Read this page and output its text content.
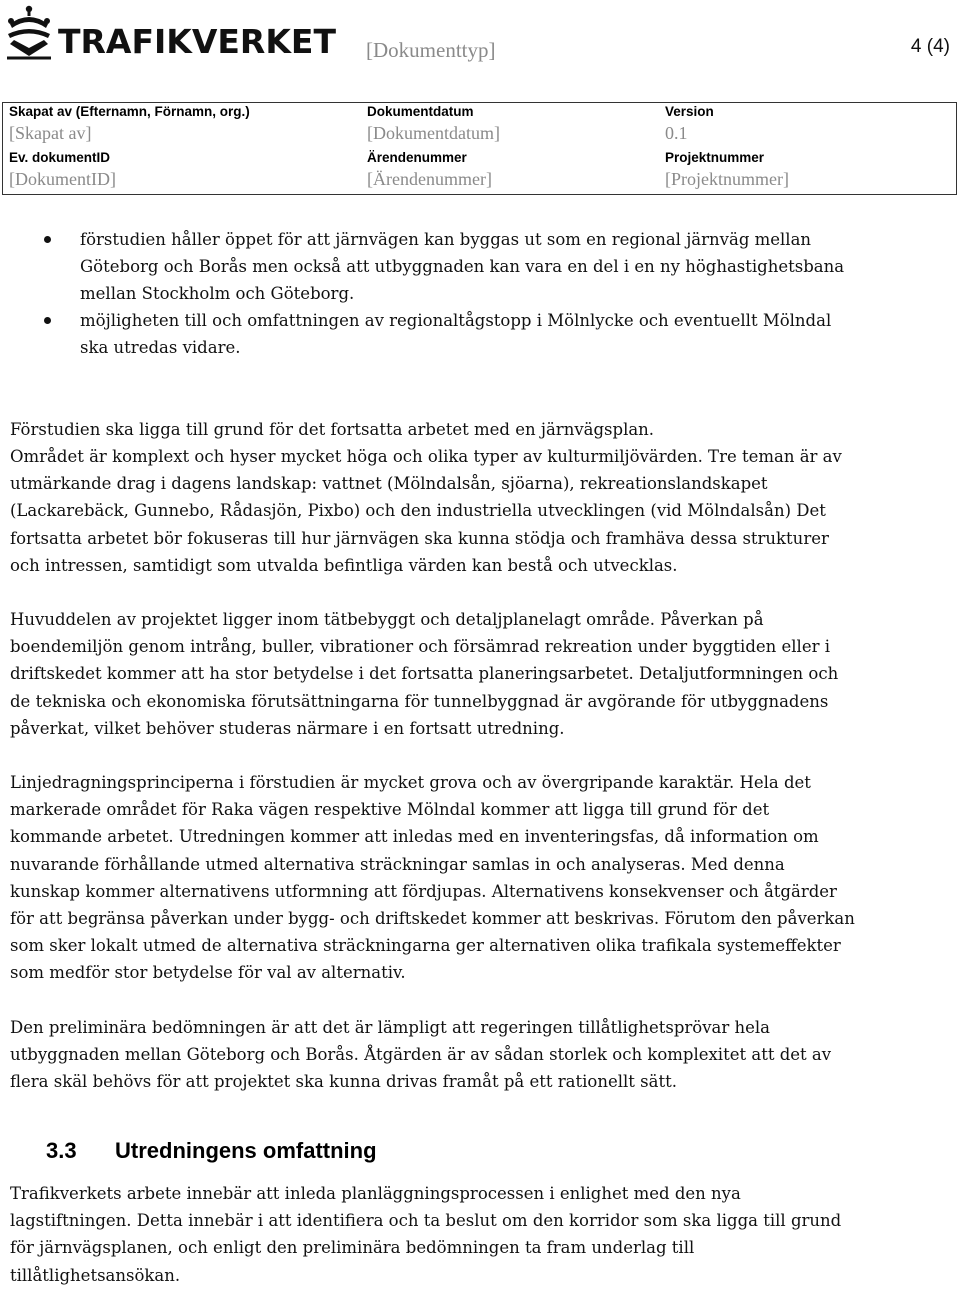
TRAFIKVERKET [Dokumenttyp]	4 (4)
Skapat av (Efternamn, Förnamn, org.)
[Skapat av]
Dokumentdatum
[Dokumentdatum]
Version
0.1
Ev. dokumentID
[DokumentID]
Ärendenummer
[Ärendenummer]
Projektnummer
[Projektnummer]
förstudien håller öppet för att järnvägen kan byggas ut som en regional järnväg mellan Göteborg och Borås men också att utbyggnaden kan vara en del i en ny höghastighetsbana mellan Stockholm och Göteborg.
möjligheten till och omfattningen av regionaltågstopp i Mölnlycke och eventuellt Mölndal ska utredas vidare.
Förstudien ska ligga till grund för det fortsatta arbetet med en järnvägsplan.
Området är komplext och hyser mycket höga och olika typer av kulturmiljövärden. Tre teman är av utmärkande drag i dagens landskap: vattnet (Mölndalsån, sjöarna), rekreationslandskapet (Lackarebäck, Gunnebo, Rådasjön, Pixbo) och den industriella utvecklingen (vid Mölndalsån) Det fortsatta arbetet bör fokuseras till hur järnvägen ska kunna stödja och framhäva dessa strukturer och intressen, samtidigt som utvalda befintliga värden kan bestå och utvecklas.
Huvuddelen av projektet ligger inom tätbebyggt och detaljplanelagt område. Påverkan på boendemiljön genom intrång, buller, vibrationer och försämrad rekreation under byggtiden eller i driftskedet kommer att ha stor betydelse i det fortsatta planeringsarbetet. Detaljutformningen och de tekniska och ekonomiska förutsättningarna för tunnelbyggnad är avgörande för utbyggnadens påverkat, vilket behöver studeras närmare i en fortsatt utredning.
Linjedragningsprinciperna i förstudien är mycket grova och av övergripande karaktär. Hela det markerade området för Raka vägen respektive Mölndal kommer att ligga till grund för det kommande arbetet. Utredningen kommer att inledas med en inventeringsfas, då information om nuvarande förhållande utmed alternativa sträckningar samlas in och analyseras. Med denna kunskap kommer alternativens utformning att fördjupas. Alternativens konsekvenser och åtgärder för att begränsa påverkan under bygg- och driftskedet kommer att beskrivas. Förutom den påverkan som sker lokalt utmed de alternativa sträckningarna ger alternativen olika trafikala systemeffekter som medför stor betydelse för val av alternativ.
Den preliminära bedömningen är att det är lämpligt att regeringen tillåtlighetsprövar hela utbyggnaden mellan Göteborg och Borås. Åtgärden är av sådan storlek och komplexitet att det av flera skäl behövs för att projektet ska kunna drivas framåt på ett rationellt sätt.
3.3 Utredningens omfattning
Trafikverkets arbete innebär att inleda planläggningsprocessen i enlighet med den nya lagstiftningen. Detta innebär i att identifiera och ta beslut om den korridor som ska ligga till grund för järnvägsplanen, och enligt den preliminära bedömningen ta fram underlag till tillåtlighetsansökan.
